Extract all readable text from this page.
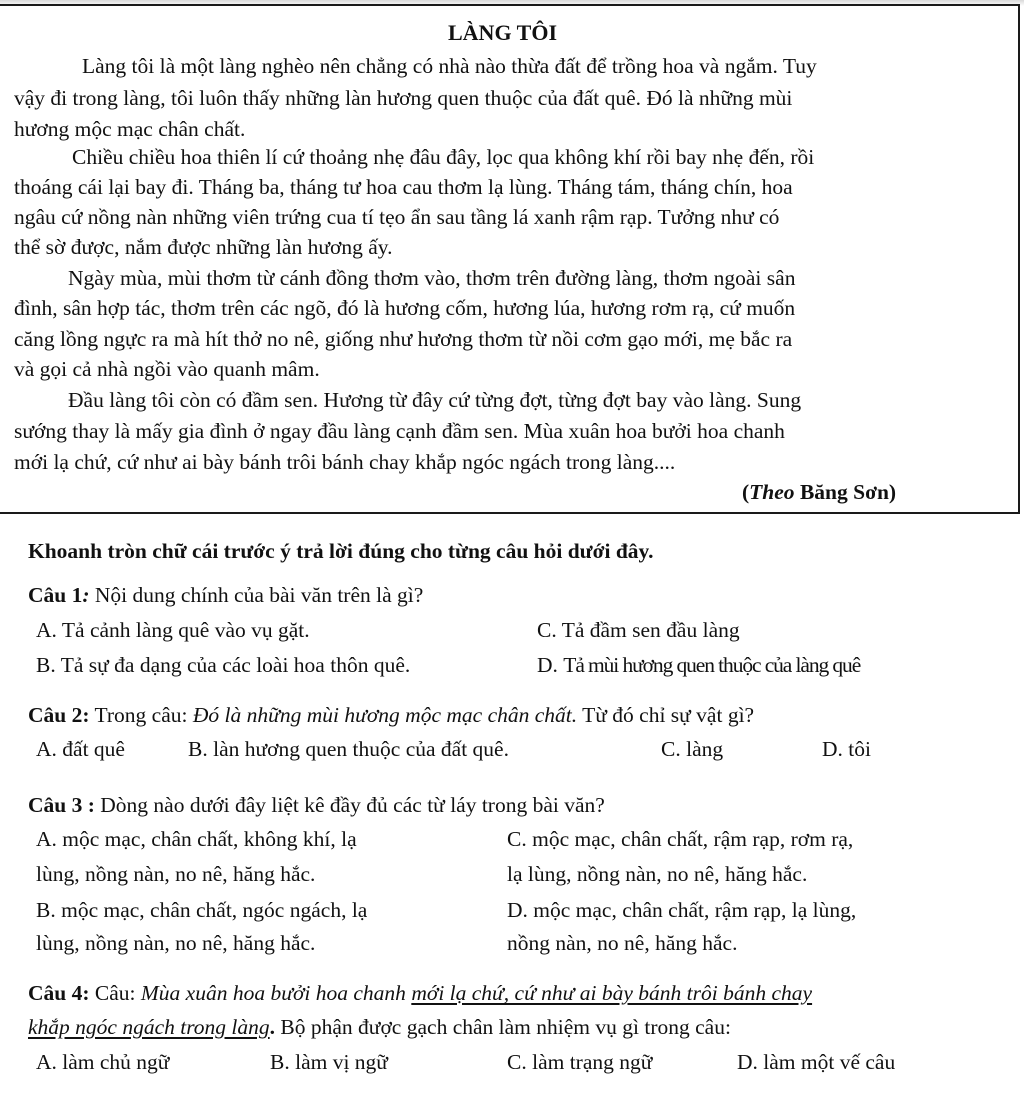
LÀNG TÔI
Làng tôi là một làng nghèo nên chẳng có nhà nào thừa đất để trồng hoa và ngắm. Tuy
vậy đi trong làng, tôi luôn thấy những làn hương quen thuộc của đất quê. Đó là những mùi
hương mộc mạc chân chất.
Chiều chiều hoa thiên lí cứ thoảng nhẹ đâu đây, lọc qua không khí rồi bay nhẹ đến, rồi
thoáng cái lại bay đi. Tháng ba, tháng tư hoa cau thơm lạ lùng. Tháng tám, tháng chín, hoa
ngâu cứ nồng nàn những viên trứng cua tí tẹo ẩn sau tầng lá xanh rậm rạp. Tưởng như có
thể sờ được, nắm được những làn hương ấy.
Ngày mùa, mùi thơm từ cánh đồng thơm vào, thơm trên đường làng, thơm ngoài sân
đình, sân hợp tác, thơm trên các ngõ, đó là hương cốm, hương lúa, hương rơm rạ, cứ muốn
căng lồng ngực ra mà hít thở no nê, giống như hương thơm từ nồi cơm gạo mới, mẹ bắc ra
và gọi cả nhà ngồi vào quanh mâm.
Đầu làng tôi còn có đầm sen. Hương từ đây cứ từng đợt, từng đợt bay vào làng. Sung
sướng thay là mấy gia đình ở ngay đầu làng cạnh đầm sen. Mùa xuân hoa bưởi hoa chanh
mới lạ chứ, cứ như ai bày bánh trôi bánh chay khắp ngóc ngách trong làng....
(Theo Băng Sơn)
Khoanh tròn chữ cái trước ý trả lời đúng cho từng câu hỏi dưới đây.
Câu 1: Nội dung chính của bài văn trên là gì?
A. Tả cảnh làng quê vào vụ gặt.	C. Tả đầm sen đầu làng
B. Tả sự đa dạng của các loài hoa thôn quê.	D. Tả mùi hương quen thuộc của làng quê
Câu 2: Trong câu: Đó là những mùi hương mộc mạc chân chất. Từ đó chỉ sự vật gì?
A. đất quê	B. làn hương quen thuộc của đất quê.	C. làng	D. tôi
Câu 3 : Dòng nào dưới đây liệt kê đầy đủ các từ láy trong bài văn?
A. mộc mạc, chân chất, không khí, lạ
lùng, nồng nàn, no nê, hăng hắc.
C. mộc mạc, chân chất, rậm rạp, rơm rạ,
lạ lùng, nồng nàn, no nê, hăng hắc.
B. mộc mạc, chân chất, ngóc ngách, lạ
lùng, nồng nàn, no nê, hăng hắc.
D. mộc mạc, chân chất, rậm rạp, lạ lùng,
nồng nàn, no nê, hăng hắc.
Câu 4: Câu: Mùa xuân hoa bưởi hoa chanh mới lạ chứ, cứ như ai bày bánh trôi bánh chay
khắp ngóc ngách trong làng. Bộ phận được gạch chân làm nhiệm vụ gì trong câu:
A. làm chủ ngữ	B. làm vị ngữ	C. làm trạng ngữ	D. làm một vế câu
